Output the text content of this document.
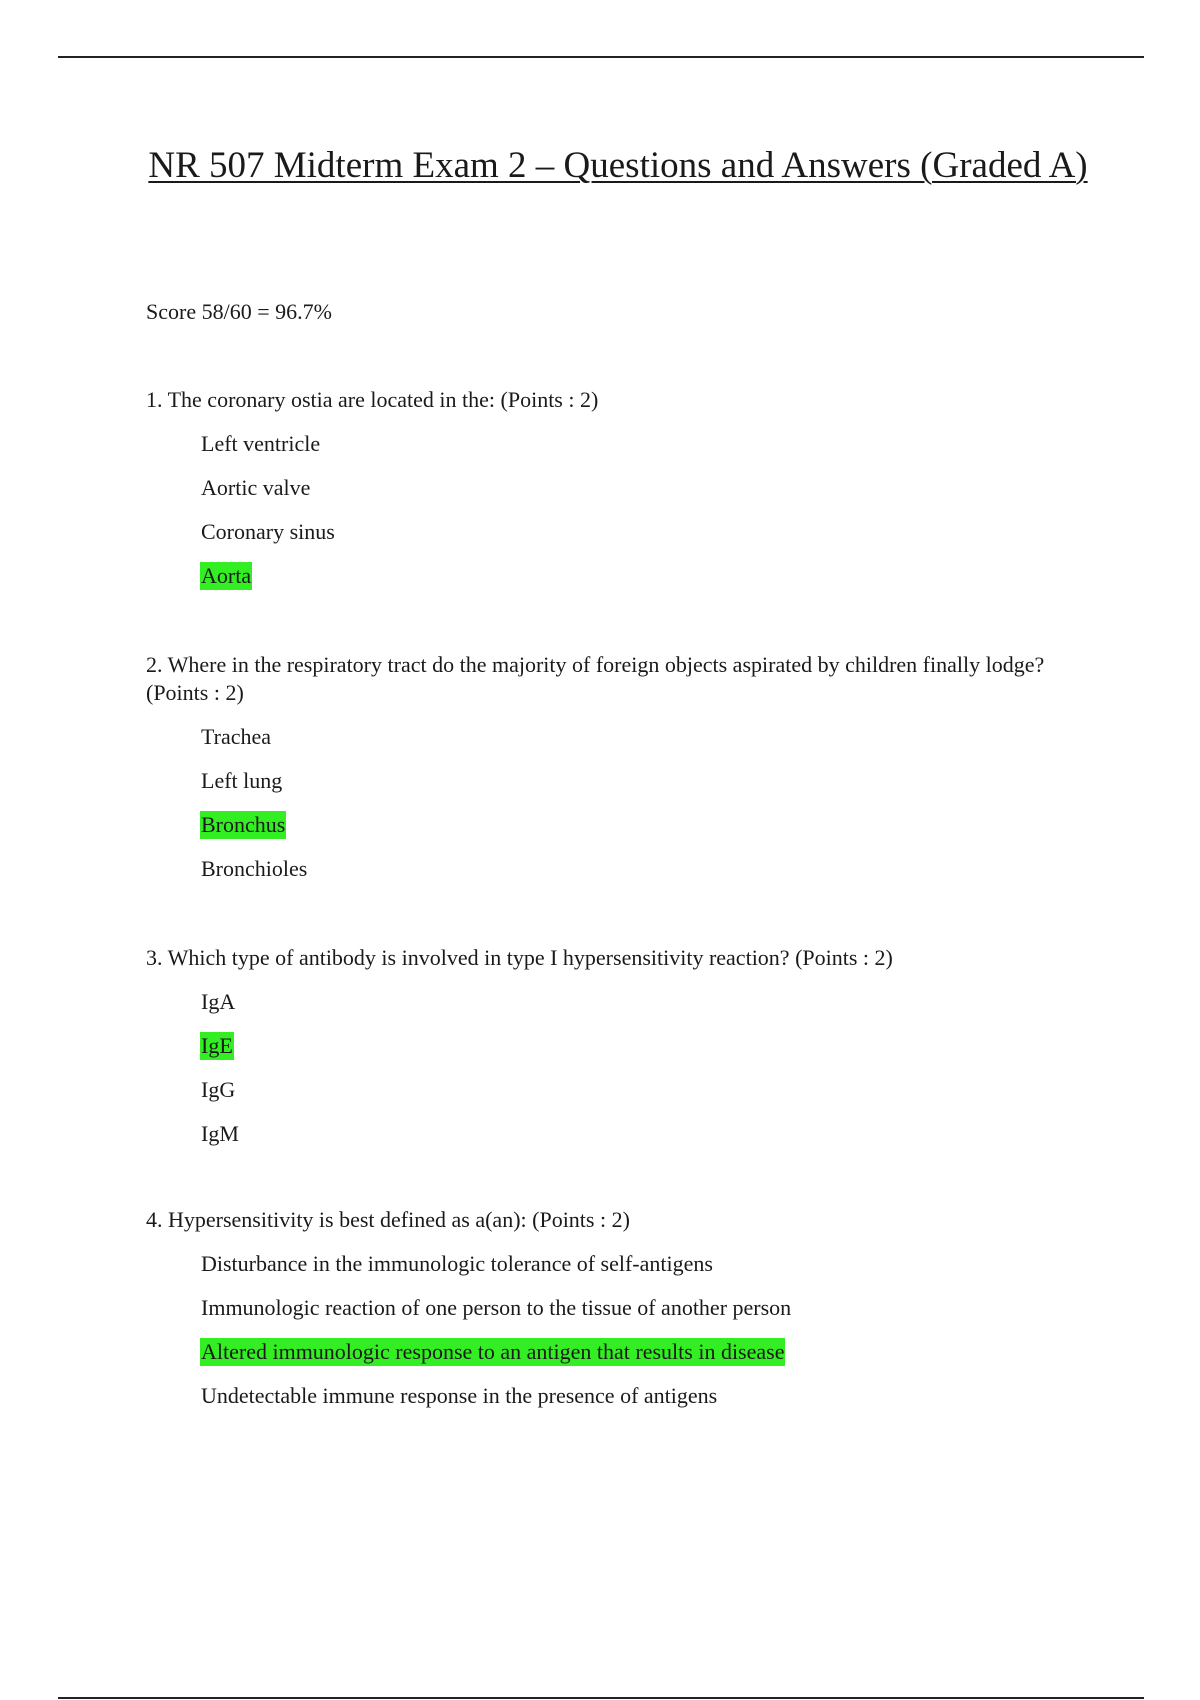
NR 507 Midterm Exam 2 – Questions and Answers (Graded A)
Score 58/60 = 96.7%

1. The coronary ostia are located in the: (Points : 2)

Left ventricle
Aortic valve
Coronary sinus
Aorta

2. Where in the respiratory tract do the majority of foreign objects aspirated by children finally lodge? (Points : 2)

Trachea
Left lung
Bronchus
Bronchioles

3. Which type of antibody is involved in type I hypersensitivity reaction? (Points : 2)

IgA
IgE
IgG
IgM

4. Hypersensitivity is best defined as a(an): (Points : 2)

Disturbance in the immunologic tolerance of self-antigens
Immunologic reaction of one person to the tissue of another person
Altered immunologic response to an antigen that results in disease
Undetectable immune response in the presence of antigens
